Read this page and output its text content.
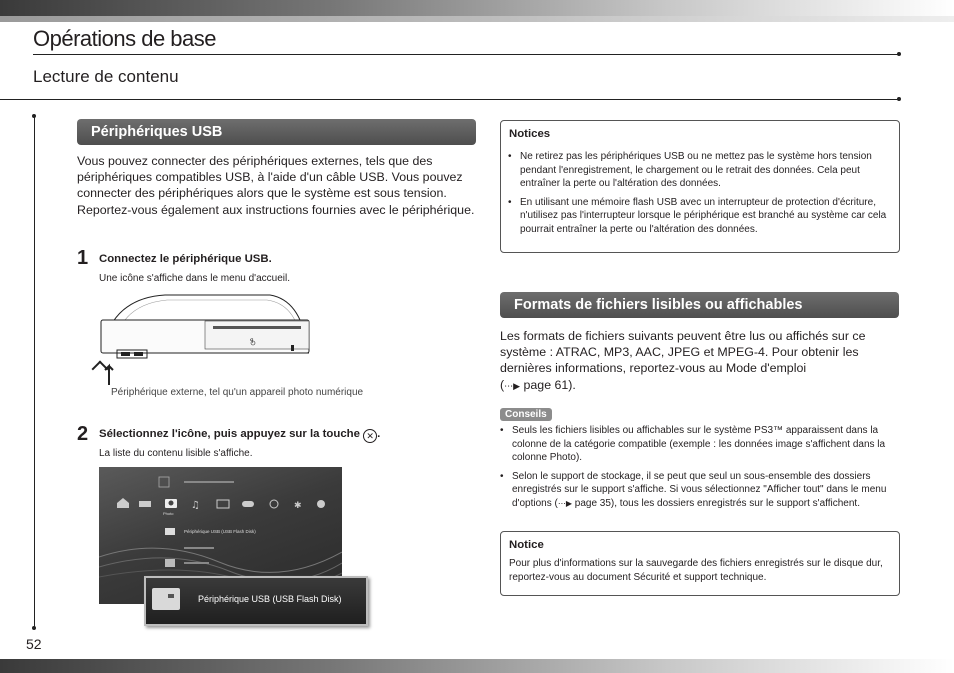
Opérations de base
Lecture de contenu
52
Périphériques USB
Vous pouvez connecter des périphériques externes, tels que des périphériques compatibles USB, à l'aide d'un câble USB. Vous pouvez connecter des périphériques alors que le système est sous tension. Reportez-vous également aux instructions fournies avec le périphérique.
1 Connectez le périphérique USB.
Une icône s'affiche dans le menu d'accueil.
ꟼ
Périphérique externe, tel qu'un appareil photo numérique
2 Sélectionnez l'icône, puis appuyez sur la touche ✕ .
La liste du contenu lisible s'affiche.
♫	✱
Photo
Périphérique USB (USB Flash Disk)
Périphérique USB (USB Flash Disk)
Notices
• Ne retirez pas les périphériques USB ou ne mettez pas le système hors tension pendant l'enregistrement, le chargement ou le retrait des données. Cela peut entraîner la perte ou l'altération des données.
• En utilisant une mémoire flash USB avec un interrupteur de protection d'écriture, n'utilisez pas l'interrupteur lorsque le périphérique est branché au système car cela pourrait entraîner la perte ou l'altération des données.
Formats de fichiers lisibles ou affichables
Les formats de fichiers suivants peuvent être lus ou affichés sur ce système : ATRAC, MP3, AAC, JPEG et MPEG-4. Pour obtenir les dernières informations, reportez-vous au Mode d'emploi
(⋯▶ page 61).
Conseils
• Seuls les fichiers lisibles ou affichables sur le système PS3™ apparaissent dans la colonne de la catégorie compatible (exemple : les données image s'affichent dans la colonne Photo).
• Selon le support de stockage, il se peut que seul un sous-ensemble des dossiers enregistrés sur le support s'affiche. Si vous sélectionnez "Afficher tout" dans le menu d'options (⋯▶ page 35), tous les dossiers enregistrés sur le support s'affichent.
Notice
Pour plus d'informations sur la sauvegarde des fichiers enregistrés sur le disque dur, reportez-vous au document Sécurité et support technique.
